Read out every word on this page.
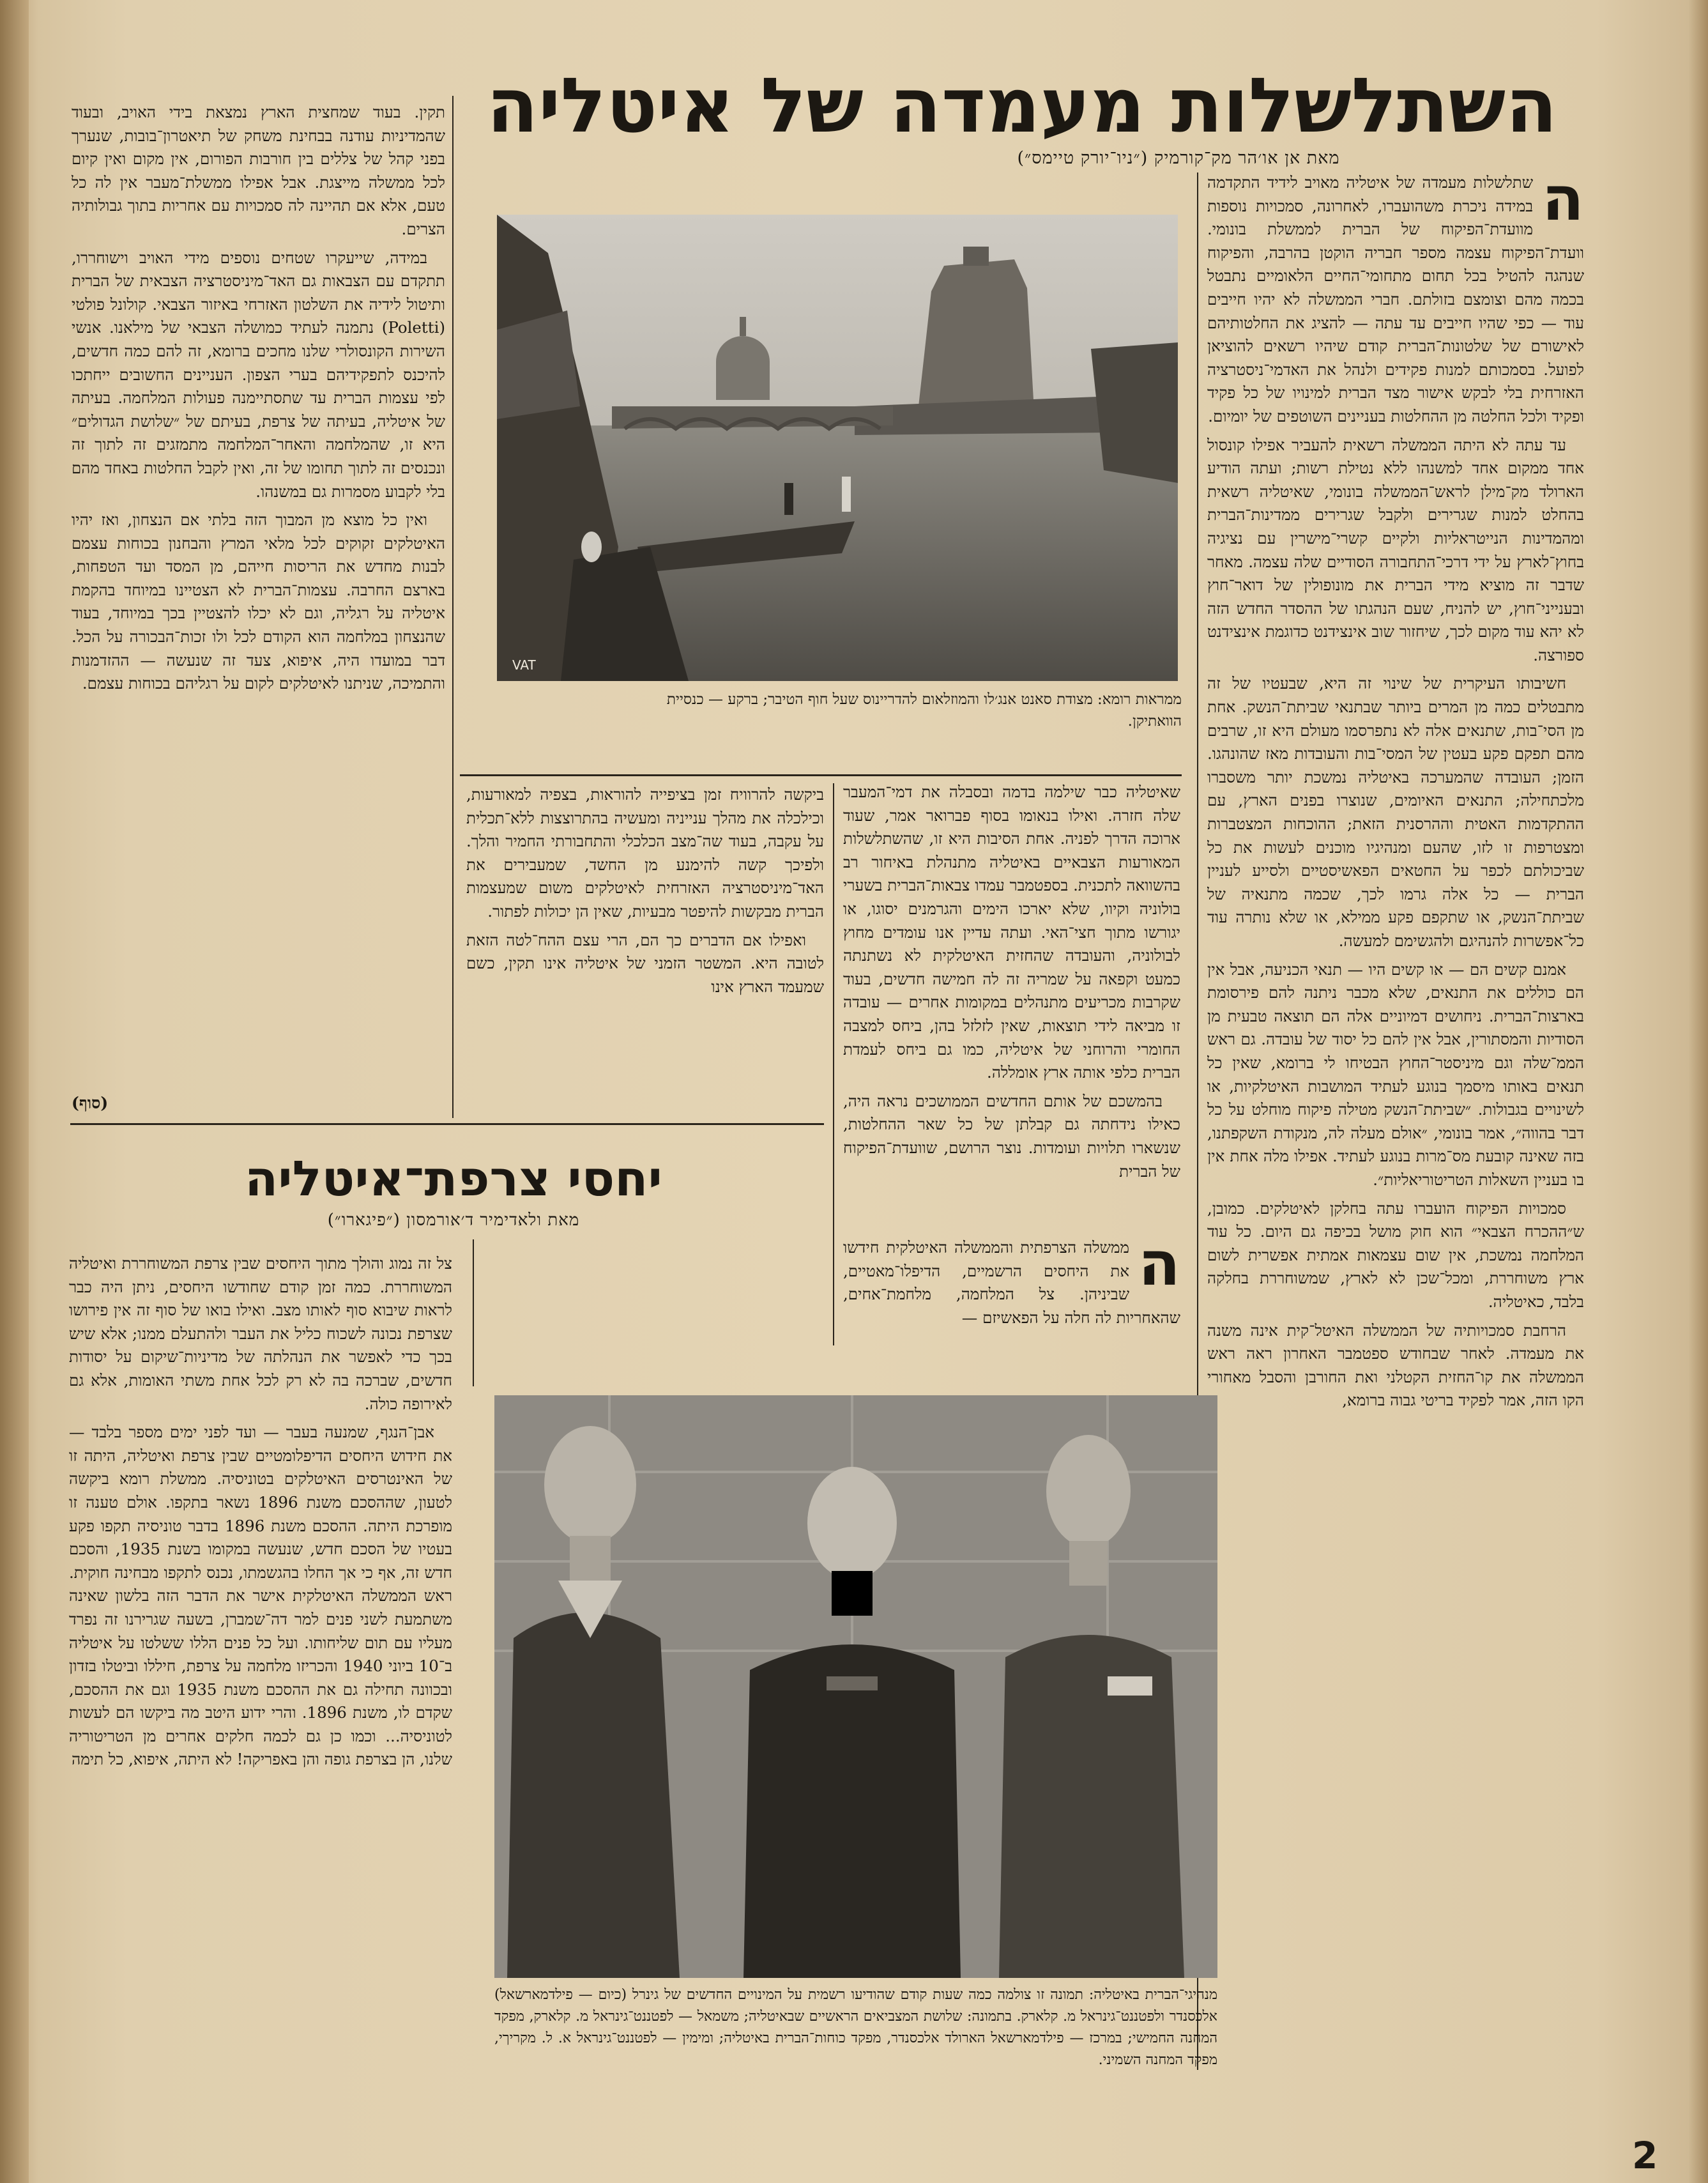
השתלשלות מעמדה של איטליה
מאת אן או׳הר מק־קורמיק (״ניו־יורק טיימס״)
ה

שתלשלות מעמדה של איטליה מאויב לידיד התקדמה במידה ניכרת משהועברו, לאחרונה, סמכויות נוספות מוועדת־הפיקוח של הברית לממשלת בונומי. וועדת־הפיקוח עצמה מספר חבריה הוקטן בהרבה, והפיקוח שנהגה להטיל בכל תחום מתחומי־החיים הלאומיים נתבטל בכמה מהם וצומצם בזולתם. חברי הממשלה לא יהיו חייבים עוד — כפי שהיו חייבים עד עתה — להציג את החלטותיהם לאישורם של שלטונות־הברית קודם שיהיו רשאים להוציאן לפועל. בסמכותם למנות פקידים ולנהל את האדמי־ניסטרציה האזרחית בלי לבקש אישור מצד הברית למינויו של כל פקיד ופקיד ולכל החלטה מן ההחלטות בעניינים השוטפים של יומיום.

עד עתה לא היתה הממשלה רשאית להעביר אפילו קונסול אחד ממקום אחד למשנהו ללא נטילת רשות; ועתה הודיע הארולד מק־מילן לראש־הממשלה בונומי, שאיטליה רשאית בהחלט למנות שגרירים ולקבל שגרירים ממדינות־הברית ומהמדינות הנייטראליות ולקיים קשרי־מישרין עם נציגיה בחוץ־לארץ על ידי דרכי־התחבורה הסודיים שלה עצמה. מאחר שדבר זה מוציא מידי הברית את מונופולין של דואר־חוץ ובענייני־חוץ, יש להניח, שעם הנהגתו של ההסדר החדש הזה לא יהא עוד מקום לכך, שיחזור שוב אינצידנט כדוגמת אינצידנט ספורצה.

חשיבותו העיקרית של שינוי זה היא, שבעטיו של זה מתבטלים כמה מן המרים ביותר שבתנאי שביתת־הנשק. אחת מן הסי־בות, שתנאים אלה לא נתפרסמו מעולם היא זו, שרבים מהם תפקם פקע בעטין של המסי־בות והעובדות מאז שהונהגו. הזמן; העובדה שהמערכה באיטליה נמשכת יותר משסברו מלכתחילה; התנאים האיומים, שנוצרו בפנים הארץ, עם ההתקדמות האטית וההרסנית הזאת; ההוכחות המצטברות ומצטרפות זו לזו, שהעם ומנהיגיו מוכנים לעשות את כל שביכולתם לכפר על החטאים הפאשיסטיים ולסייע לעניין הברית — כל אלה גרמו לכך, שכמה מתנאיה של שביתת־הנשק, או שתקפם פקע ממילא, או שלא נותרה עוד כל־אפשרות להנהיגם ולהגשימם למעשה.

אמנם קשים הם — או קשים היו — תנאי הכניעה, אבל אין הם כוללים את התנאים, שלא מכבר ניתנה להם פירסומת בארצות־הברית. ניחושים דמיוניים אלה הם תוצאה טבעית מן הסודיות והמסתורין, אבל אין להם כל יסוד של עובדה. גם ראש הממ־שלה וגם מיניסטר־החוץ הבטיחו לי ברומא, שאין כל תנאים באותו מיסמך בנוגע לעתיד המושבות האיטלקיות, או לשינויים בגבולות. ״שביתת־הנשק מטילה פיקוח מוחלט על כל דבר בהווה״, אמר בונומי, ״אולם מעלה לה, מנקודת השקפתנו, בזה שאינה קובעת מס־מרות בנוגע לעתיד. אפילו מלה אחת אין בו בעניין השאלות הטריטוריאליות״.

סמכויות הפיקוח הועברו עתה בחלקן לאיטלקים. כמובן, ש״ההכרח הצבאי״ הוא חוק מושל בכיפה גם היום. כל עוד המלחמה נמשכת, אין שום עצמאות אמתית אפשרית לשום ארץ משוחררת, ומכל־שכן לא לארץ, שמשוחררת בחלקה בלבד, כאיטליה.

הרחבת סמכויותיה של הממשלה האיטל־קית אינה משנה את מעמדה. לאחר שבחודש ספטמבר האחרון ראה ראש הממשלה את קו־החזית הקטלני ואת החורבן והסבל מאחורי הקו הזה, אמר לפקיד בריטי גבוה ברומא,

VAT
ממראות רומא: מצודת סאנט אנג׳לו והמוזלאום להדריינוס שעל חוף הטיבר; ברקע — כנסיית הוואתיקן.

שאיטליה כבר שילמה בדמה ובסבלה את דמי־המעבר שלה חזרה. ואילו בנאומו בסוף פברואר אמר, שעוד ארוכה הדרך לפניה. אחת הסיבות היא זו, שהשתלשלות המאורעות הצבאיים באיטליה מתנהלת באיחור רב בהשוואה לתכנית. בספטמבר עמדו צבאות־הברית בשערי בולוניה וקיוו, שלא יארכו הימים והגרמנים יסוגו, או יגורשו מתוך חצי־האי. ועתה עדיין אנו עומדים מחוץ לבולוניה, והעובדה שהחזית האיטלקית לא נשתנתה כמעט וקפאה על שמריה זה לה חמישה חדשים, בעוד שקרבות מכריעים מתנהלים במקומות אחרים — עובדה זו מביאה לידי תוצאות, שאין לזלזל בהן, ביחס למצבה החומרי והרוחני של איטליה, כמו גם ביחס לעמדת הברית כלפי אותה ארץ אומללה.

בהמשכם של אותם החדשים הממושכים נראה היה, כאילו נידחתה גם קבלתן של כל שאר ההחלטות, שנשארו תלויות ועומדות. נוצר הרושם, שוועדת־הפיקוח של הברית

ביקשה להרוויח זמן בציפייה להוראות, בצפיה למאורעות, וכילכלה את מהלך ענייניה ומעשיה בהתרוצצות ללא־תכלית על עקבה, בעוד שה־מצב הכלכלי והתחבורתי החמיר והלך. ולפיכך קשה להימנע מן החשד, שמעבירים את האד־מיניסטרציה האזרחית לאיטלקים משום שמעצמות הברית מבקשות להיפטר מבעיות, שאין הן יכולות לפתור.

ואפילו אם הדברים כך הם, הרי עצם ההח־לטה הזאת לטובה היא. המשטר הזמני של איטליה אינו תקין, כשם שמעמד הארץ אינו

תקין. בעוד שמחצית הארץ נמצאת בידי האויב, ובעוד שהמדיניות עודנה בבחינת משחק של תיאטרון־בובות, שנערך בפני קהל של צללים בין חורבות הפורום, אין מקום ואין קיום לכל ממשלה מייצגת. אבל אפילו ממשלת־מעבר אין לה כל טעם, אלא אם תהיינה לה סמכויות עם אחריות בתוך גבולותיה הצרים.

במידה, שייעקרו שטחים נוספים מידי האויב וישוחררו, תתקדם עם הצבאות גם האד־מיניסטרציה הצבאית של הברית ותיטול לידיה את השלטון האזרחי באיזור הצבאי. קולונל פולטי (Poletti) נתמנה לעתיד כמושלה הצבאי של מילאנו. אנשי השירות הקונסולרי שלנו מחכים ברומא, זה להם כמה חדשים, להיכנס לתפקידיהם בערי הצפון. העניינים החשובים ייחתכו לפי עצמות הברית עד שתסתיימנה פעולות המלחמה. בעיתה של איטליה, בעיתה של צרפת, בעיתם של ״שלושת הגדולים״ היא זו, שהמלחמה והאחר־המלחמה מתמזגים זה לתוך זה ונכנסים זה לתוך תחומו של זה, ואין לקבל החלטות באחד מהם בלי לקבוע מסמרות גם במשנהו.

ואין כל מוצא מן המבוך הזה בלתי אם הנצחון, ואז יהיו האיטלקים זקוקים לכל מלאי המרץ והבחנון בכוחות עצמם לבנות מחדש את הריסות חייהם, מן המסד ועד הטפחות, בארצם החרבה. עצמות־הברית לא הצטיינו במיוחד בהקמת איטליה על רגליה, וגם לא יכלו להצטיין בכך במיוחד, בעוד שהנצחון במלחמה הוא הקודם לכל ולו זכות־הבכורה על הכל. דבר במועדו היה, איפוא, צעד זה שנעשה — ההזדמנות והתמיכה, שניתנו לאיטלקים לקום על רגליהם בכוחות עצמם.

(סוף)
יחסי צרפת־איטליה
מאת ולאדימיר ד׳אורמסון (״פיגארו״)
ה

ממשלה הצרפתית והממשלה האיטלקית חידשו את היחסים הרשמיים, הדיפלו־מאטיים, שביניהן. צל המלחמה, מלחמת־אחים, שהאחריות לה חלה על הפאשיזם —

צל זה נמוג והולך מתוך היחסים שבין צרפת המשוחררת ואיטליה המשוחררת. כמה זמן קודם שחודשו היחסים, ניתן היה כבר לראות שיבוא סוף לאותו מצב. ואילו בואו של סוף זה אין פירושו שצרפת נכונה לשכוח כליל את העבר ולהתעלם ממנו; אלא שיש בכך כדי לאפשר את הנהלתה של מדיניות־שיקום על יסודות חדשים, שברכה בה לא רק לכל אחת משתי האומות, אלא גם לאירופה כולה.

אבן־הנגף, שמנעה בעבר — ועד לפני ימים מספר בלבד — את חידוש היחסים הדיפלומטיים שבין צרפת ואיטליה, היתה זו של האינטרסים האיטלקים בטוניסיה. ממשלת רומא ביקשה לטעון, שההסכם משנת 1896 נשאר בתקפו. אולם טענה זו מופרכת היתה. ההסכם משנת 1896 בדבר טוניסיה תקפו פקע בעטיו של הסכם חדש, שנעשה במקומו בשנת 1935, והסכם חדש זה, אף כי אך החלו בהגשמתו, נכנס לתקפו מבחינה חוקית. ראש הממשלה האיטלקית אישר את הדבר הזה בלשון שאינה משתמעת לשני פנים למר דה־שמברן, בשעה שגרירנו זה נפרד מעליו עם תום שליחותו. ועל כל פנים הללו ששלטו על איטליה ב־10 ביוני 1940 והכריזו מלחמה על צרפת, חיללו וביטלו בזדון ובכוונה תחילה גם את ההסכם משנת 1935 וגם את ההסכם, שקדם לו, משנת 1896. והרי ידוע היטב מה ביקשו הם לעשות לטוניסיה... וכמו כן גם לכמה חלקים אחרים מן הטריטוריה שלנו, הן בצרפת גופה והן באפריקה! לא היתה, איפוא, כל תימה

מנהיגי־הברית באיטליה: תמונה זו צולמה כמה שעות קודם שהודיעו רשמית על המינויים החדשים של גינרל (כיום — פילדמארשאל) אלכסנדר ולפטננט־גינראל מ. קלארק. בתמונה: שלושת המצביאים הראשיים שבאיטליה; משמאל — לפטננט־גינראל מ. קלארק, מפקד המחנה החמישי; במרכז — פילדמארשאל הארולד אלכסנדר, מפקד כוחות־הברית באיטליה; ומימין — לפטננט־גינראל א. ל. מקריךי, מפקד המחנה השמיני.
2
